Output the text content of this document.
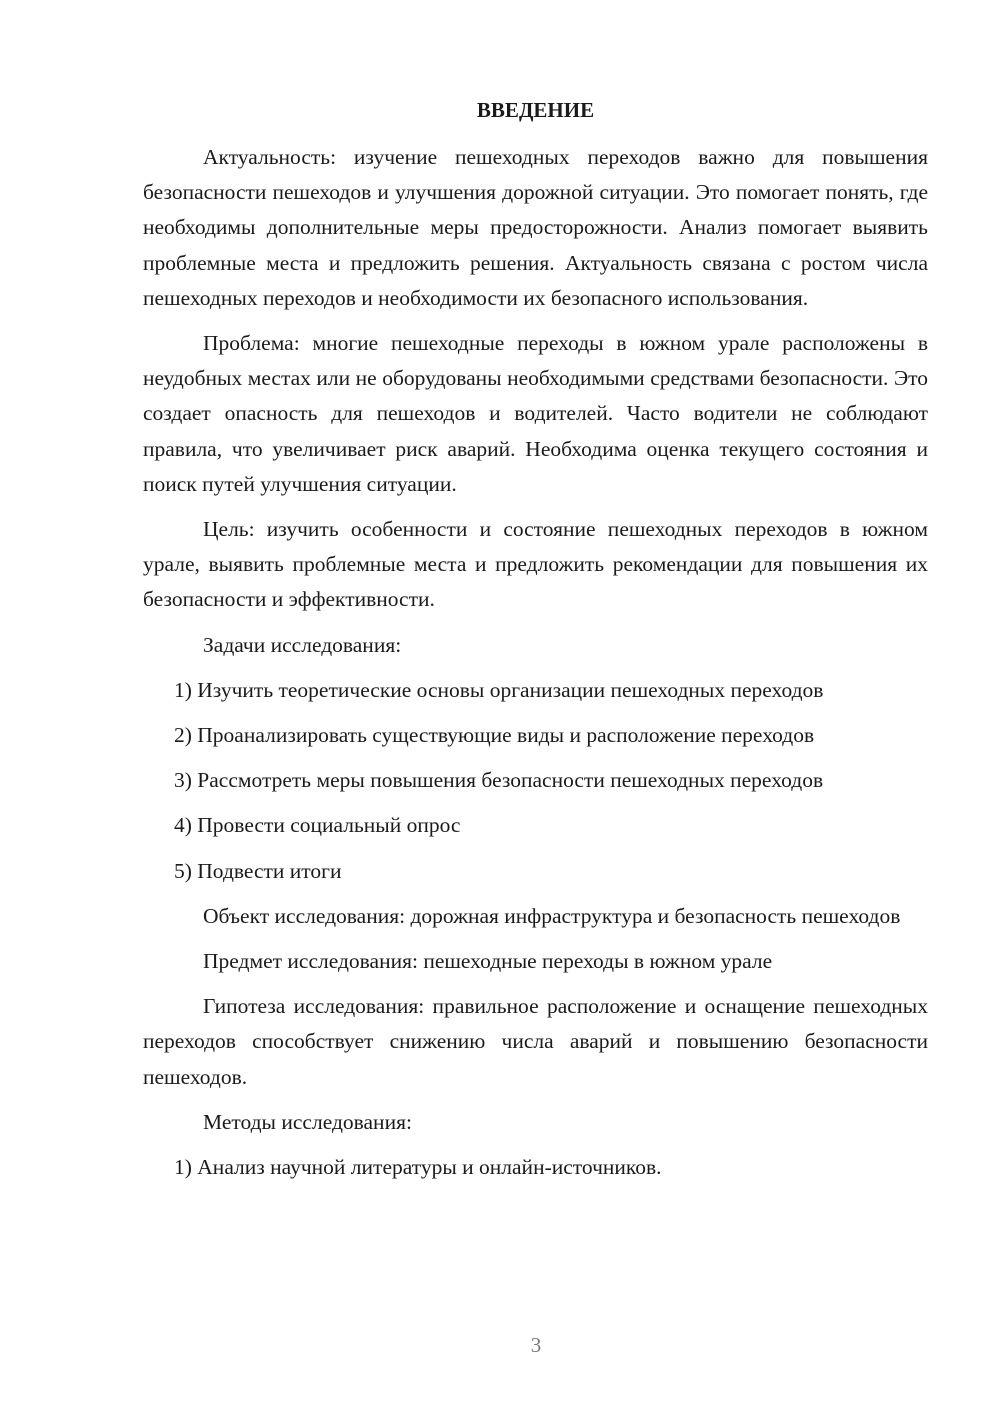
ВВЕДЕНИЕ

Актуальность: изучение пешеходных переходов важно для повышения безопасности пешеходов и улучшения дорожной ситуации. Это помогает понять, где необходимы дополнительные меры предосторожности. Анализ помогает выявить проблемные места и предложить решения. Актуальность связана с ростом числа пешеходных переходов и необходимости их безопасного использования.

Проблема: многие пешеходные переходы в южном урале расположены в неудобных местах или не оборудованы необходимыми средствами безопасности. Это создает опасность для пешеходов и водителей. Часто водители не соблюдают правила, что увеличивает риск аварий. Необходима оценка текущего состояния и поиск путей улучшения ситуации.

Цель: изучить особенности и состояние пешеходных переходов в южном урале, выявить проблемные места и предложить рекомендации для повышения их безопасности и эффективности.

Задачи исследования:

1) Изучить теоретические основы организации пешеходных переходов

2) Проанализировать существующие виды и расположение переходов

3) Рассмотреть меры повышения безопасности пешеходных переходов

4) Провести социальный опрос

5) Подвести итоги

Объект исследования: дорожная инфраструктура и безопасность пешеходов

Предмет исследования: пешеходные переходы в южном урале

Гипотеза исследования: правильное расположение и оснащение пешеходных переходов способствует снижению числа аварий и повышению безопасности пешеходов.

Методы исследования:

1) Анализ научной литературы и онлайн-источников.

3
